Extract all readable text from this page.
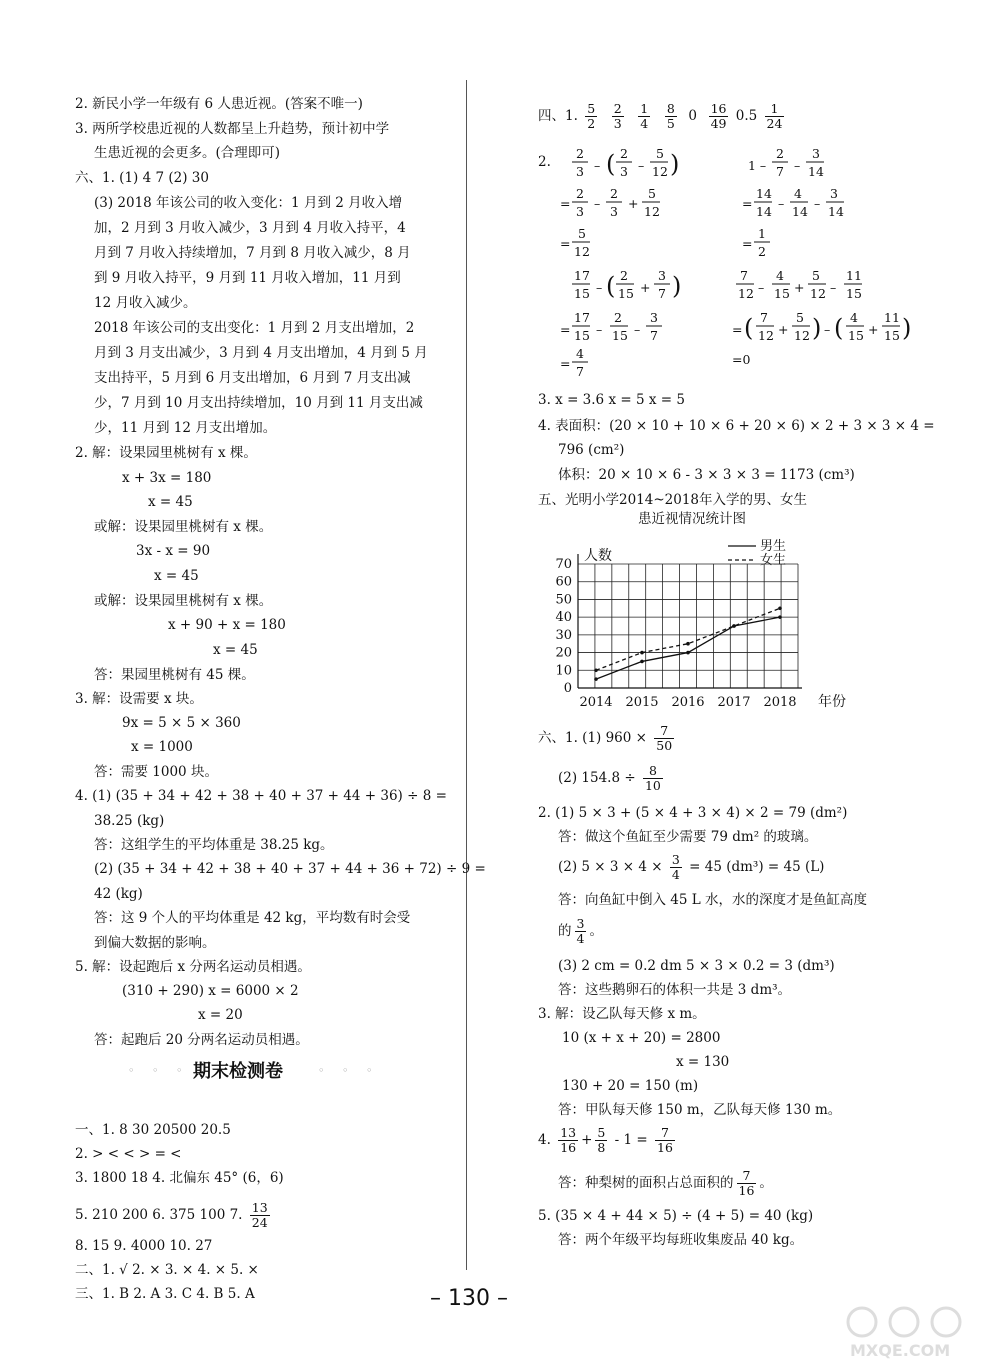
2. 新民小学一年级有 6 人患近视。(答案不唯一)
3. 两所学校患近视的人数都呈上升趋势，预计初中学
生患近视的会更多。(合理即可)
六、1. (1) 4 7 (2) 30
(3) 2018 年该公司的收入变化：1 月到 2 月收入增
加，2 月到 3 月收入减少，3 月到 4 月收入持平，4
月到 7 月收入持续增加，7 月到 8 月收入减少，8 月
到 9 月收入持平，9 月到 11 月收入增加，11 月到
12 月收入减少。
2018 年该公司的支出变化：1 月到 2 月支出增加，2
月到 3 月支出减少，3 月到 4 月支出增加，4 月到 5 月
支出持平，5 月到 6 月支出增加，6 月到 7 月支出减
少，7 月到 10 月支出持续增加，10 月到 11 月支出减
少，11 月到 12 月支出增加。
2. 解：设果园里桃树有 x 棵。
x + 3x = 180
x = 45
或解：设果园里桃树有 x 棵。
3x - x = 90
x = 45
或解：设果园里桃树有 x 棵。
x + 90 + x = 180
x = 45
答：果园里桃树有 45 棵。
3. 解：设需要 x 块。
9x = 5 × 5 × 360
x = 1000
答：需要 1000 块。
4. (1) (35 + 34 + 42 + 38 + 40 + 37 + 44 + 36) ÷ 8 =
38.25 (kg)
答：这组学生的平均体重是 38.25 kg。
(2) (35 + 34 + 42 + 38 + 40 + 37 + 44 + 36 + 72) ÷ 9 =
42 (kg)
答：这 9 个人的平均体重是 42 kg，平均数有时会受
到偏大数据的影响。
5. 解：设起跑后 x 分两名运动员相遇。
(310 + 290) x = 6000 × 2
x = 20
答：起跑后 20 分两名运动员相遇。
◦ ◦ ◦ 期末检测卷	◦ ◦ ◦
一、1. 8 30 20500 20.5
2. > < < > = <
3. 1800 18 4. 北偏东 45° (6，6)
5. 210 200 6. 375 100 7. $\frac{13}{24}$
8. 15 9. 4000 10. 27
二、1. √ 2. × 3. × 4. × 5. ×
三、1. B 2. A 3. C 4. B 5. A
四、1. $\frac{5}{2}$
$\frac{2}{3}$
$\frac{1}{4}$
$\frac{8}{5} 0 \frac{16}{49} 0.5 \frac{1}{24}$
2.
2
3 – ( 2
3 –
5
12 )
=
2
3
–
2
3
+
5
12
=
5
12
17
15 – ( 2
15 +
3
7 )
=
17
15 –
2
15 –
3
7
=
4
7
1 –
2
7 –
3
14
=
14
14
–
4
14
–
3
14
=
1
2
7
12 –
4
15 +
5
12 –
11
15
= ( 7
12 +
5
12 ) – ( 4
15 +
11
15 )
=0
3. x = 3.6 x = 5 x = 5
4. 表面积：(20 × 10 + 10 × 6 + 20 × 6) × 2 + 3 × 3 × 4 =
796 (cm²)
体积：20 × 10 × 6 - 3 × 3 × 3 = 1173 (cm³)
五、光明小学2014~2018年入学的男、女生
患近视情况统计图
0
10
20
30
40
50
60
70
人数
年份
2014 2015 2016 2017 2018
男生
女生
六、1. (1) $960 \times \frac{7}{50}$
(2) $154.8 \div \frac{8}{10}$
2. (1) 5 × 3 + (5 × 4 + 3 × 4) × 2 = 79 (dm²)
答：做这个鱼缸至少需要 79 dm² 的玻璃。
(2) $5 \times 3 \times 4 \times \frac{3}{4} = 45$ (dm³) = 45 (L)
答：向鱼缸中倒入 45 L 水，水的深度才是鱼缸高度
的 $\frac{3}{4}$ 。
(3) 2 cm = 0.2 dm 5 × 3 × 0.2 = 3 (dm³)
答：这些鹅卵石的体积一共是 3 dm³。
3. 解：设乙队每天修 x m。
10 (x + x + 20) = 2800
x = 130
130 + 20 = 150 (m)
答：甲队每天修 150 m，乙队每天修 130 m。
4. $\frac{13}{16} + \frac{5}{8} - 1 = \frac{7}{16}$
答：种梨树的面积占总面积的 $\frac{7}{16}$ 。
5. (35 × 4 + 44 × 5) ÷ (4 + 5) = 40 (kg)
答：两个年级平均每班收集废品 40 kg。
– 130 –
MXQE.COM
